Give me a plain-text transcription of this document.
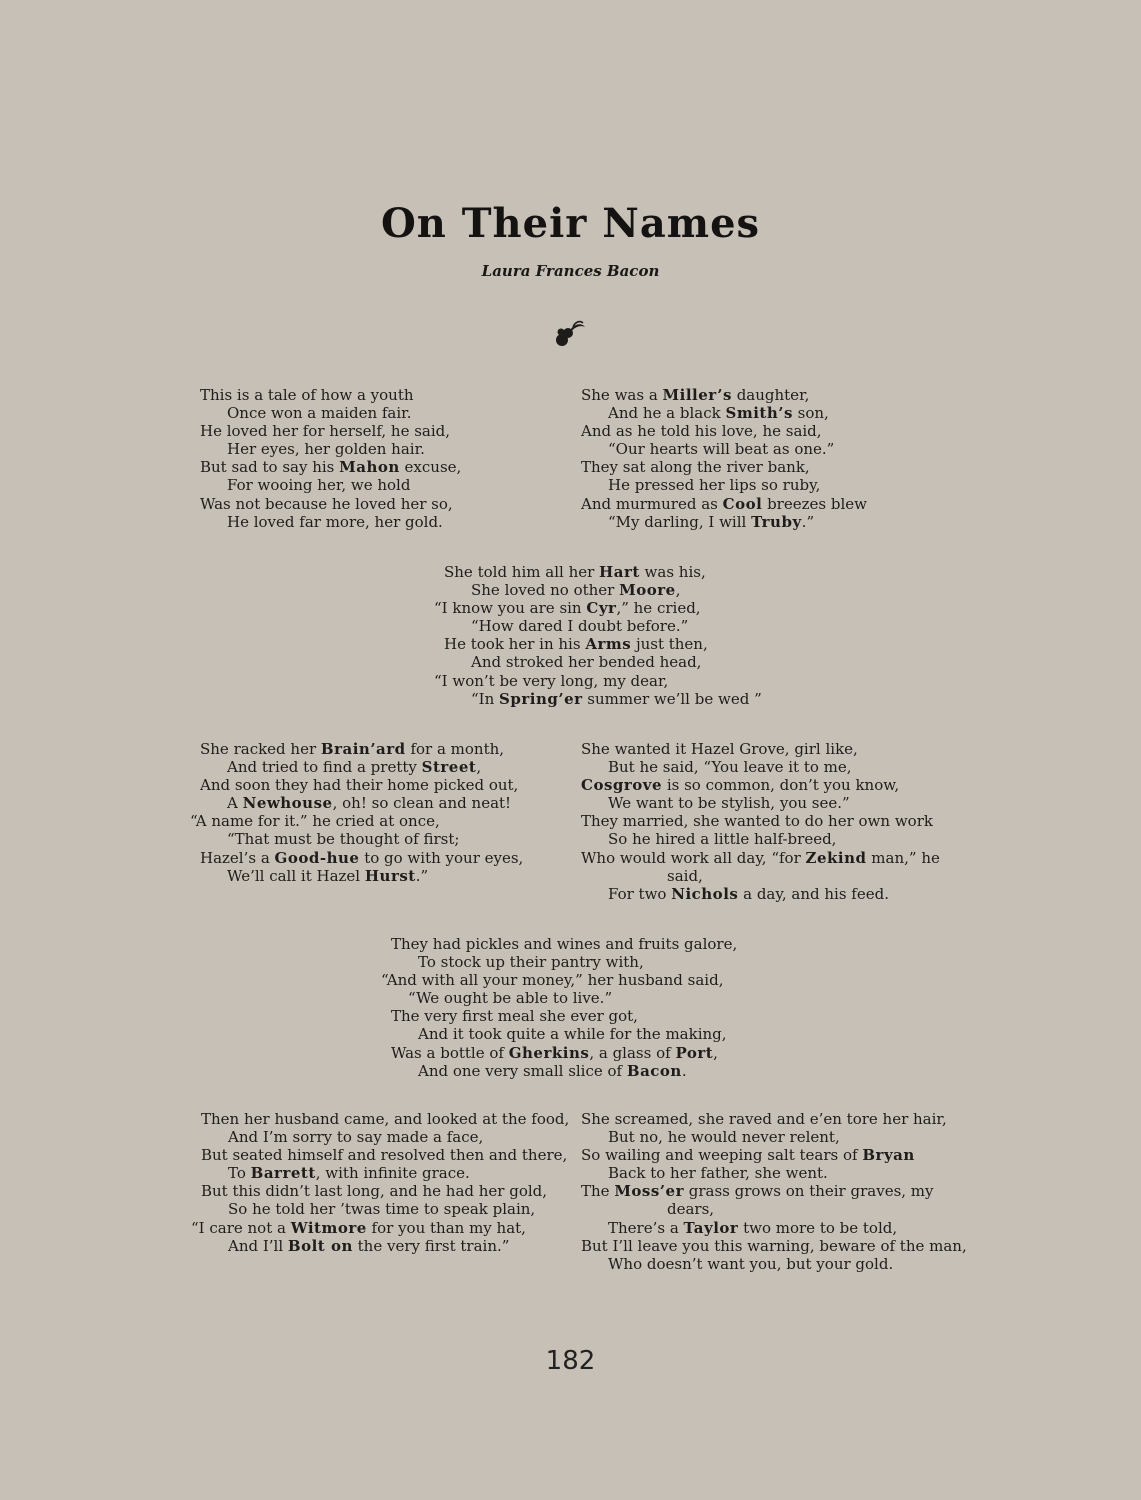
On Their Names
Laura Frances Bacon
This is a tale of how a youth
Once won a maiden fair.
He loved her for herself, he said,
Her eyes, her golden hair.
But sad to say his Mahon excuse,
For wooing her, we hold
Was not because he loved her so,
He loved far more, her gold.
She was a Miller’s daughter,
And he a black Smith’s son,
And as he told his love, he said,
“Our hearts will beat as one.”
They sat along the river bank,
He pressed her lips so ruby,
And murmured as Cool breezes blew
“My darling, I will Truby.”
She told him all her Hart was his,
She loved no other Moore,
“I know you are sin Cyr,” he cried,
“How dared I doubt before.”
He took her in his Arms just then,
And stroked her bended head,
“I won’t be very long, my dear,
“In Spring’er summer we’ll be wed ”
She racked her Brain’ard for a month,
And tried to find a pretty Street,
And soon they had their home picked out,
A Newhouse, oh! so clean and neat!
“A name for it.” he cried at once,
“That must be thought of first;
Hazel’s a Good-hue to go with your eyes,
We’ll call it Hazel Hurst.”
She wanted it Hazel Grove, girl like,
But he said, “You leave it to me,
Cosgrove is so common, don’t you know,
We want to be stylish, you see.”
They married, she wanted to do her own work
So he hired a little half-breed,
Who would work all day, “for Zekind man,” he
said,
For two Nichols a day, and his feed.
They had pickles and wines and fruits galore,
To stock up their pantry with,
“And with all your money,” her husband said,
“We ought be able to live.”
The very first meal she ever got,
And it took quite a while for the making,
Was a bottle of Gherkins, a glass of Port,
And one very small slice of Bacon.
Then her husband came, and looked at the food,
And I’m sorry to say made a face,
But seated himself and resolved then and there,
To Barrett, with infinite grace.
But this didn’t last long, and he had her gold,
So he told her ’twas time to speak plain,
“I care not a Witmore for you than my hat,
And I’ll Bolt on the very first train.”
She screamed, she raved and e’en tore her hair,
But no, he would never relent,
So wailing and weeping salt tears of Bryan
Back to her father, she went.
The Moss’er grass grows on their graves, my
dears,
There’s a Taylor two more to be told,
But I’ll leave you this warning, beware of the man,
Who doesn’t want you, but your gold.
182
